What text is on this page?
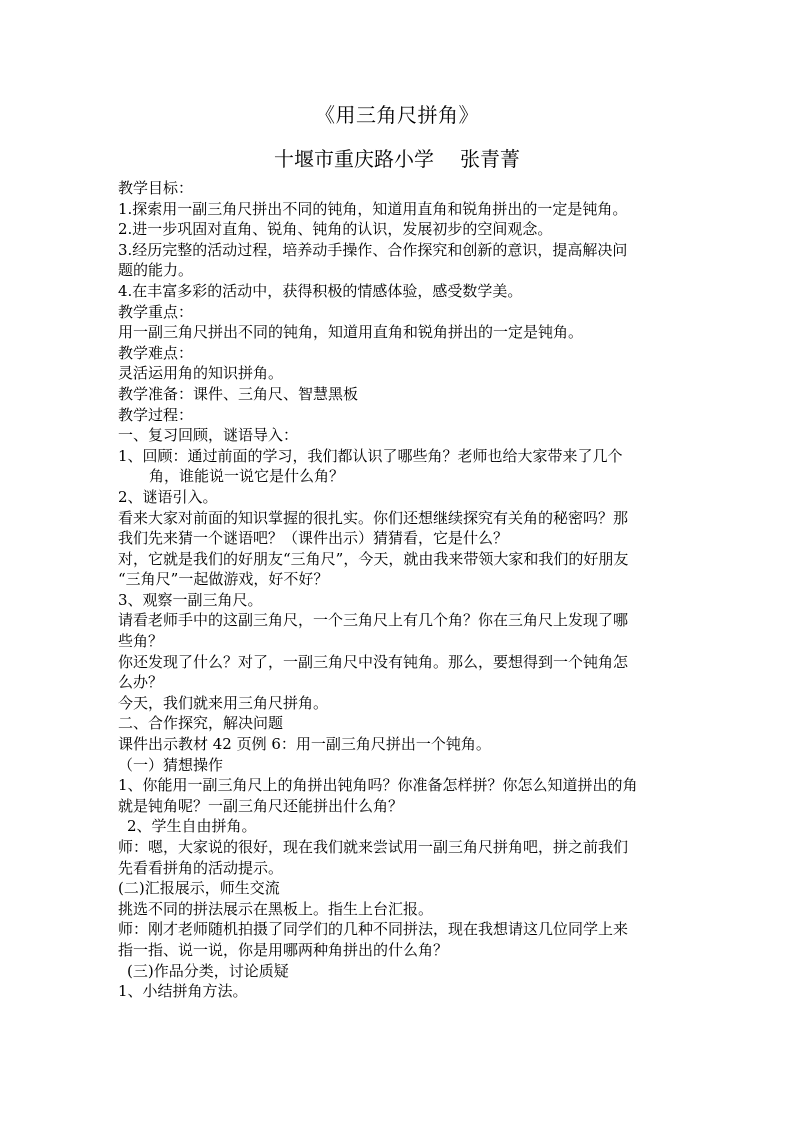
《用三角尺拼角》
十堰市重庆路小学 张青菁
教学目标：
1.探索用一副三角尺拼出不同的钝角，知道用直角和锐角拼出的一定是钝角。
2.进一步巩固对直角、锐角、钝角的认识，发展初步的空间观念。
3.经历完整的活动过程，培养动手操作、合作探究和创新的意识，提高解决问
题的能力。
4.在丰富多彩的活动中，获得积极的情感体验，感受数学美。
教学重点：
用一副三角尺拼出不同的钝角，知道用直角和锐角拼出的一定是钝角。
教学难点：
灵活运用角的知识拼角。
教学准备：课件、三角尺、智慧黑板
教学过程：
一、复习回顾，谜语导入：
1、回顾：通过前面的学习，我们都认识了哪些角？老师也给大家带来了几个
角，谁能说一说它是什么角？
2、谜语引入。
看来大家对前面的知识掌握的很扎实。你们还想继续探究有关角的秘密吗？那
我们先来猜一个谜语吧？（课件出示）猜猜看，它是什么？
对，它就是我们的好朋友“三角尺”，今天，就由我来带领大家和我们的好朋友
“三角尺”一起做游戏，好不好？
3、观察一副三角尺。
请看老师手中的这副三角尺，一个三角尺上有几个角？你在三角尺上发现了哪
些角？
你还发现了什么？对了，一副三角尺中没有钝角。那么，要想得到一个钝角怎
么办？
今天，我们就来用三角尺拼角。
二、合作探究，解决问题
课件出示教材 42 页例 6：用一副三角尺拼出一个钝角。
（一）猜想操作
1、你能用一副三角尺上的角拼出钝角吗？你准备怎样拼？你怎么知道拼出的角
就是钝角呢？一副三角尺还能拼出什么角？
2、学生自由拼角。
师：嗯，大家说的很好，现在我们就来尝试用一副三角尺拼角吧，拼之前我们
先看看拼角的活动提示。
(二)汇报展示，师生交流
挑选不同的拼法展示在黑板上。指生上台汇报。
师：刚才老师随机拍摄了同学们的几种不同拼法，现在我想请这几位同学上来
指一指、说一说，你是用哪两种角拼出的什么角？
(三)作品分类，讨论质疑
1、小结拼角方法。
